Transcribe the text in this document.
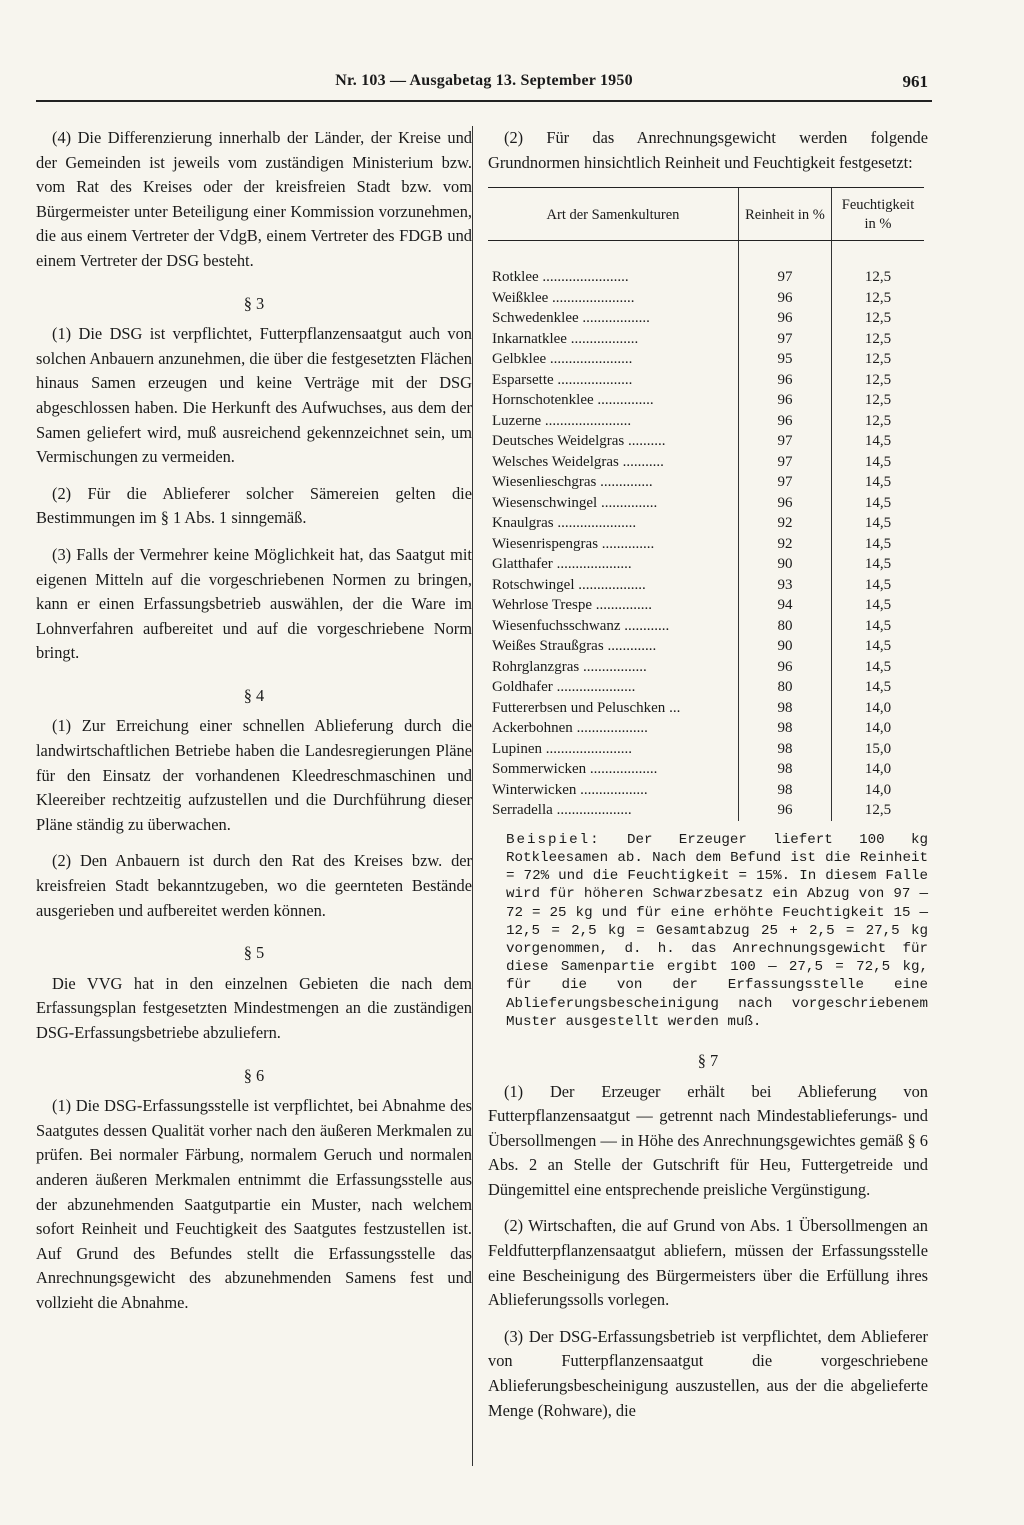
Nr. 103 — Ausgabetag 13. September 1950	961

(4) Die Differenzierung innerhalb der Länder, der Kreise und der Gemeinden ist jeweils vom zuständigen Ministerium bzw. vom Rat des Kreises oder der kreisfreien Stadt bzw. vom Bürgermeister unter Beteiligung einer Kommission vorzunehmen, die aus einem Vertreter der VdgB, einem Vertreter des FDGB und einem Vertreter der DSG besteht.

§ 3

(1) Die DSG ist verpflichtet, Futterpflanzensaatgut auch von solchen Anbauern anzunehmen, die über die festgesetzten Flächen hinaus Samen erzeugen und keine Verträge mit der DSG abgeschlossen haben. Die Herkunft des Aufwuchses, aus dem der Samen geliefert wird, muß ausreichend gekennzeichnet sein, um Vermischungen zu vermeiden.

(2) Für die Ablieferer solcher Sämereien gelten die Bestimmungen im § 1 Abs. 1 sinngemäß.

(3) Falls der Vermehrer keine Möglichkeit hat, das Saatgut mit eigenen Mitteln auf die vorgeschriebenen Normen zu bringen, kann er einen Erfassungsbetrieb auswählen, der die Ware im Lohnverfahren aufbereitet und auf die vorgeschriebene Norm bringt.

§ 4

(1) Zur Erreichung einer schnellen Ablieferung durch die landwirtschaftlichen Betriebe haben die Landesregierungen Pläne für den Einsatz der vorhandenen Kleedreschmaschinen und Kleereiber rechtzeitig aufzustellen und die Durchführung dieser Pläne ständig zu überwachen.

(2) Den Anbauern ist durch den Rat des Kreises bzw. der kreisfreien Stadt bekanntzugeben, wo die geernteten Bestände ausgerieben und aufbereitet werden können.

§ 5

Die VVG hat in den einzelnen Gebieten die nach dem Erfassungsplan festgesetzten Mindestmengen an die zuständigen DSG-Erfassungsbetriebe abzuliefern.

§ 6

(1) Die DSG-Erfassungsstelle ist verpflichtet, bei Abnahme des Saatgutes dessen Qualität vorher nach den äußeren Merkmalen zu prüfen. Bei normaler Färbung, normalem Geruch und normalen anderen äußeren Merkmalen entnimmt die Erfassungsstelle aus der abzunehmenden Saatgutpartie ein Muster, nach welchem sofort Reinheit und Feuchtigkeit des Saatgutes festzustellen ist. Auf Grund des Befundes stellt die Erfassungsstelle das Anrechnungsgewicht des abzunehmenden Samens fest und vollzieht die Abnahme.

(2) Für das Anrechnungsgewicht werden folgende Grundnormen hinsichtlich Reinheit und Feuchtigkeit festgesetzt:

Art der Samenkulturen	Reinheit in %	Feuchtigkeit in %

Rotklee .......................	97	12,5
Weißklee ......................	96	12,5
Schwedenklee ..................	96	12,5
Inkarnatklee ..................	97	12,5
Gelbklee ......................	95	12,5
Esparsette ....................	96	12,5
Hornschotenklee ...............	96	12,5
Luzerne .......................	96	12,5
Deutsches Weidelgras ..........	97	14,5
Welsches Weidelgras ...........	97	14,5
Wiesenlieschgras ..............	97	14,5
Wiesenschwingel ...............	96	14,5
Knaulgras .....................	92	14,5
Wiesenrispengras ..............	92	14,5
Glatthafer ....................	90	14,5
Rotschwingel ..................	93	14,5
Wehrlose Trespe ...............	94	14,5
Wiesenfuchsschwanz ............	80	14,5
Weißes Straußgras .............	90	14,5
Rohrglanzgras .................	96	14,5
Goldhafer .....................	80	14,5
Futtererbsen und Peluschken ...	98	14,0
Ackerbohnen ...................	98	14,0
Lupinen .......................	98	15,0
Sommerwicken ..................	98	14,0
Winterwicken ..................	98	14,0
Serradella ....................	96	12,5
Beispiel: Der Erzeuger liefert 100 kg Rotkleesamen ab. Nach dem Befund ist die Reinheit = 72% und die Feuchtigkeit = 15%. In diesem Falle wird für höheren Schwarzbesatz ein Abzug von 97 — 72 = 25 kg und für eine erhöhte Feuchtigkeit 15 — 12,5 = 2,5 kg = Gesamtabzug 25 + 2,5 = 27,5 kg vorgenommen, d. h. das Anrechnungsgewicht für diese Samenpartie ergibt 100 — 27,5 = 72,5 kg, für die von der Erfassungsstelle eine Ablieferungsbescheinigung nach vorgeschriebenem Muster ausgestellt werden muß.
§ 7

(1) Der Erzeuger erhält bei Ablieferung von Futterpflanzensaatgut — getrennt nach Mindestablieferungs- und Übersollmengen — in Höhe des Anrechnungsgewichtes gemäß § 6 Abs. 2 an Stelle der Gutschrift für Heu, Futtergetreide und Düngemittel eine entsprechende preisliche Vergünstigung.

(2) Wirtschaften, die auf Grund von Abs. 1 Übersollmengen an Feldfutterpflanzensaatgut abliefern, müssen der Erfassungsstelle eine Bescheinigung des Bürgermeisters über die Erfüllung ihres Ablieferungssolls vorlegen.

(3) Der DSG-Erfassungsbetrieb ist verpflichtet, dem Ablieferer von Futterpflanzensaatgut die vorgeschriebene Ablieferungsbescheinigung auszustellen, aus der die abgelieferte Menge (Rohware), die
